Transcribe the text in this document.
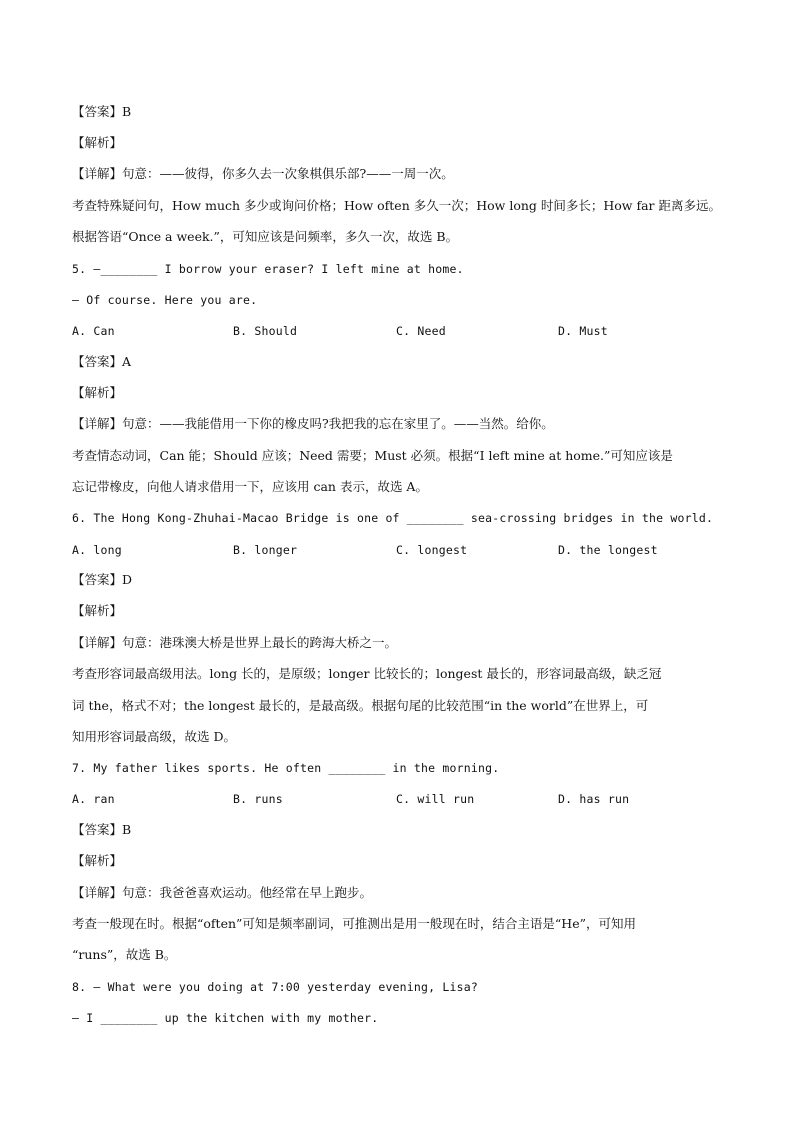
【答案】B
【解析】
【详解】句意：——彼得，你多久去一次象棋俱乐部?——一周一次。
考查特殊疑问句，How much 多少或询问价格；How often 多久一次；How long 时间多长；How far 距离多远。
根据答语“Once a week.”，可知应该是问频率，多久一次，故选 B。
5. —________ I borrow your eraser? I left mine at home.
— Of course. Here you are.
A. Can	B. Should	C. Need	D. Must
【答案】A
【解析】
【详解】句意：——我能借用一下你的橡皮吗?我把我的忘在家里了。——当然。给你。
考查情态动词，Can 能；Should 应该；Need 需要；Must 必须。根据“I left mine at home.”可知应该是
忘记带橡皮，向他人请求借用一下，应该用 can 表示，故选 A。
6. The Hong Kong-Zhuhai-Macao Bridge is one of ________ sea-crossing bridges in the world.
A. long	B. longer	C. longest	D. the longest
【答案】D
【解析】
【详解】句意：港珠澳大桥是世界上最长的跨海大桥之一。
考查形容词最高级用法。long 长的，是原级；longer 比较长的；longest 最长的，形容词最高级，缺乏冠
词 the，格式不对；the longest 最长的，是最高级。根据句尾的比较范围“in the world”在世界上，可
知用形容词最高级，故选 D。
7. My father likes sports. He often ________ in the morning.
A. ran	B. runs	C. will run	D. has run
【答案】B
【解析】
【详解】句意：我爸爸喜欢运动。他经常在早上跑步。
考查一般现在时。根据“often”可知是频率副词，可推测出是用一般现在时，结合主语是“He”，可知用
“runs”，故选 B。
8. — What were you doing at 7:00 yesterday evening, Lisa?
— I ________ up the kitchen with my mother.
